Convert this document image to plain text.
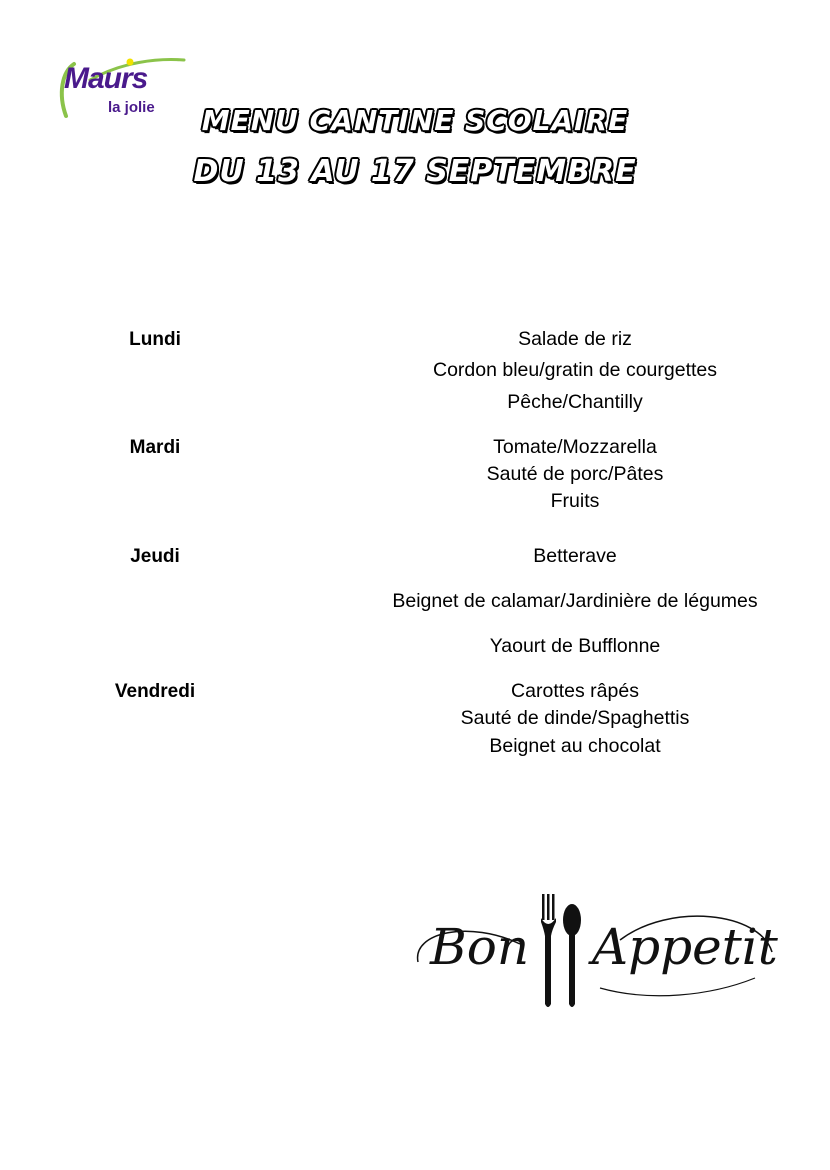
Maurs
la jolie	MENU CANTINE SCOLAIRE
DU 13 AU 17 SEPTEMBRE
Lundi	Salade de riz
Cordon bleu/gratin de courgettes
Pêche/Chantilly
Mardi	Tomate/Mozzarella
Sauté de porc/Pâtes
Fruits
Jeudi	Betterave
Beignet de calamar/Jardinière de légumes
Yaourt de Bufflonne
Vendredi	Carottes râpés
Sauté de dinde/Spaghettis
Beignet au chocolat
Bon Appetit
